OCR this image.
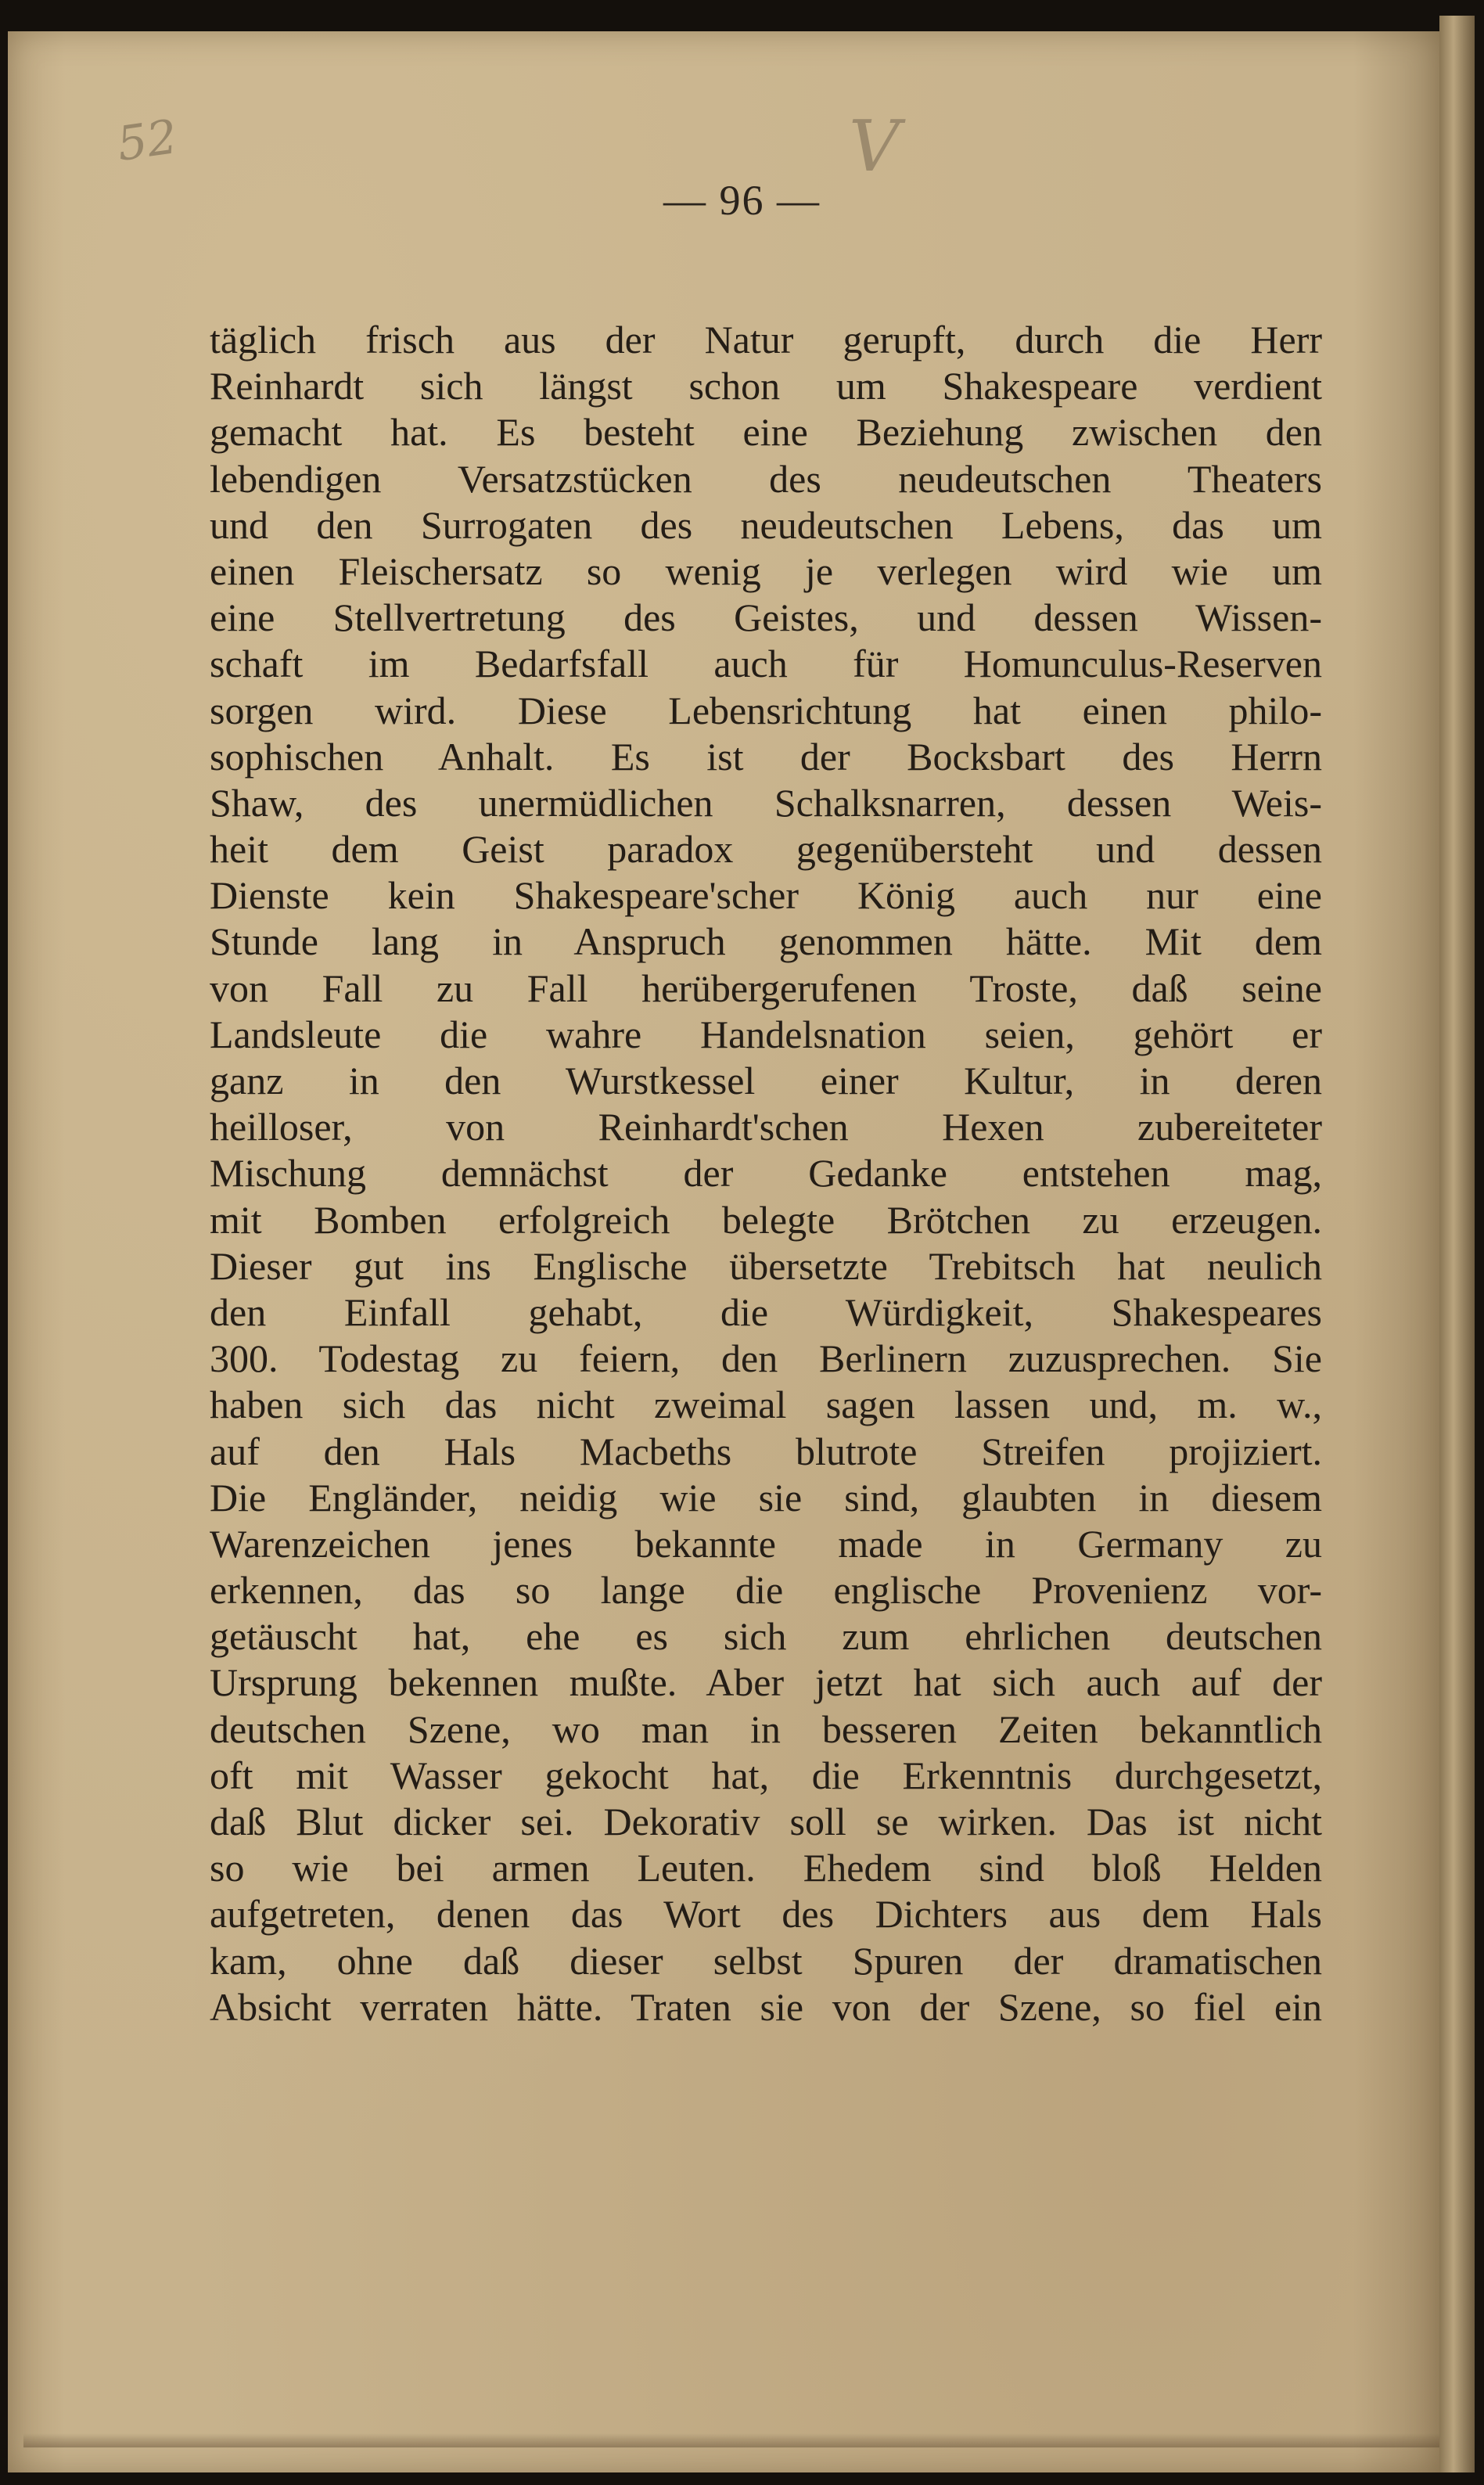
52	V
— 96 —
täglich frisch aus der Natur gerupft, durch die Herr
Reinhardt sich längst schon um Shakespeare verdient
gemacht hat. Es besteht eine Beziehung zwischen den
lebendigen Versatzstücken des neudeutschen Theaters
und den Surrogaten des neudeutschen Lebens, das um
einen Fleischersatz so wenig je verlegen wird wie um
eine Stellvertretung des Geistes, und dessen Wissen-
schaft im Bedarfsfall auch für Homunculus-Reserven
sorgen wird. Diese Lebensrichtung hat einen philo-
sophischen Anhalt. Es ist der Bocksbart des Herrn
Shaw, des unermüdlichen Schalksnarren, dessen Weis-
heit dem Geist paradox gegenübersteht und dessen
Dienste kein Shakespeare'scher König auch nur eine
Stunde lang in Anspruch genommen hätte. Mit dem
von Fall zu Fall herübergerufenen Troste, daß seine
Landsleute die wahre Handelsnation seien, gehört er
ganz in den Wurstkessel einer Kultur, in deren
heilloser, von Reinhardt'schen Hexen zubereiteter
Mischung demnächst der Gedanke entstehen mag,
mit Bomben erfolgreich belegte Brötchen zu erzeugen.
Dieser gut ins Englische übersetzte Trebitsch hat neulich
den Einfall gehabt, die Würdigkeit, Shakespeares
300. Todestag zu feiern, den Berlinern zuzusprechen. Sie
haben sich das nicht zweimal sagen lassen und, m. w.,
auf den Hals Macbeths blutrote Streifen projiziert.
Die Engländer, neidig wie sie sind, glaubten in diesem
Warenzeichen jenes bekannte made in Germany zu
erkennen, das so lange die englische Provenienz vor-
getäuscht hat, ehe es sich zum ehrlichen deutschen
Ursprung bekennen mußte. Aber jetzt hat sich auch auf der
deutschen Szene, wo man in besseren Zeiten bekanntlich
oft mit Wasser gekocht hat, die Erkenntnis durchgesetzt,
daß Blut dicker sei. Dekorativ soll se wirken. Das ist nicht
so wie bei armen Leuten. Ehedem sind bloß Helden
aufgetreten, denen das Wort des Dichters aus dem Hals
kam, ohne daß dieser selbst Spuren der dramatischen
Absicht verraten hätte. Traten sie von der Szene, so fiel ein
